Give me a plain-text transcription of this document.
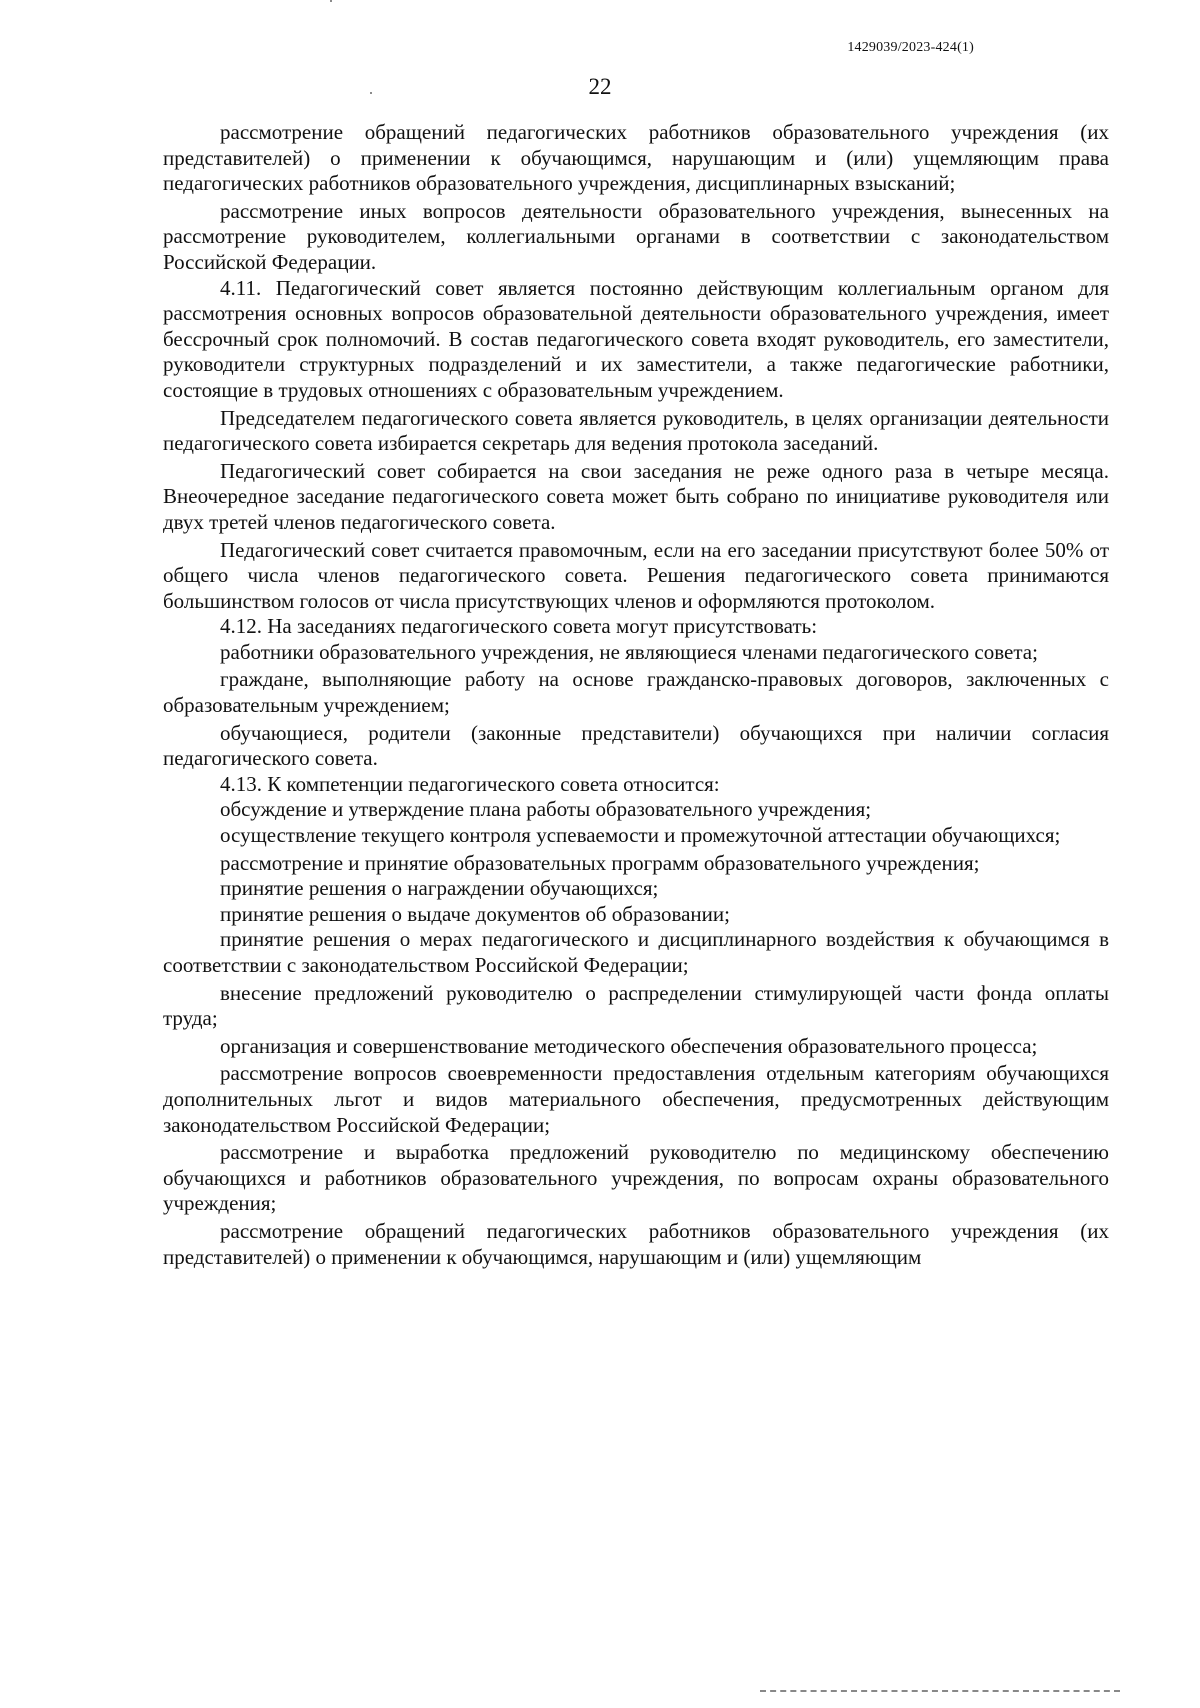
1429039/2023-424(1)
22

рассмотрение обращений педагогических работников образовательного учреждения (их представителей) о применении к обучающимся, нарушающим и (или) ущемляющим права педагогических работников образовательного учреждения, дисциплинарных взысканий;

рассмотрение иных вопросов деятельности образовательного учреждения, вынесенных на рассмотрение руководителем, коллегиальными органами в соответствии с законодательством Российской Федерации.

4.11. Педагогический совет является постоянно действующим коллегиальным органом для рассмотрения основных вопросов образовательной деятельности образовательного учреждения, имеет бессрочный срок полномочий. В состав педагогического совета входят руководитель, его заместители, руководители структурных подразделений и их заместители, а также педагогические работники, состоящие в трудовых отношениях с образовательным учреждением.

Председателем педагогического совета является руководитель, в целях организации деятельности педагогического совета избирается секретарь для ведения протокола заседаний.

Педагогический совет собирается на свои заседания не реже одного раза в четыре месяца. Внеочередное заседание педагогического совета может быть собрано по инициативе руководителя или двух третей членов педагогического совета.

Педагогический совет считается правомочным, если на его заседании присутствуют более 50% от общего числа членов педагогического совета. Решения педагогического совета принимаются большинством голосов от числа присутствующих членов и оформляются протоколом.

4.12. На заседаниях педагогического совета могут присутствовать:

работники образовательного учреждения, не являющиеся членами педагогического совета;

граждане, выполняющие работу на основе гражданско-правовых договоров, заключенных с образовательным учреждением;

обучающиеся, родители (законные представители) обучающихся при наличии согласия педагогического совета.

4.13. К компетенции педагогического совета относится:

обсуждение и утверждение плана работы образовательного учреждения;

осуществление текущего контроля успеваемости и промежуточной аттестации обучающихся;

рассмотрение и принятие образовательных программ образовательного учреждения;

принятие решения о награждении обучающихся;

принятие решения о выдаче документов об образовании;

принятие решения о мерах педагогического и дисциплинарного воздействия к обучающимся в соответствии с законодательством Российской Федерации;

внесение предложений руководителю о распределении стимулирующей части фонда оплаты труда;

организация и совершенствование методического обеспечения образовательного процесса;

рассмотрение вопросов своевременности предоставления отдельным категориям обучающихся дополнительных льгот и видов материального обеспечения, предусмотренных действующим законодательством Российской Федерации;

рассмотрение и выработка предложений руководителю по медицинскому обеспечению обучающихся и работников образовательного учреждения, по вопросам охраны образовательного учреждения;

рассмотрение обращений педагогических работников образовательного учреждения (их представителей) о применении к обучающимся, нарушающим и (или) ущемляющим
